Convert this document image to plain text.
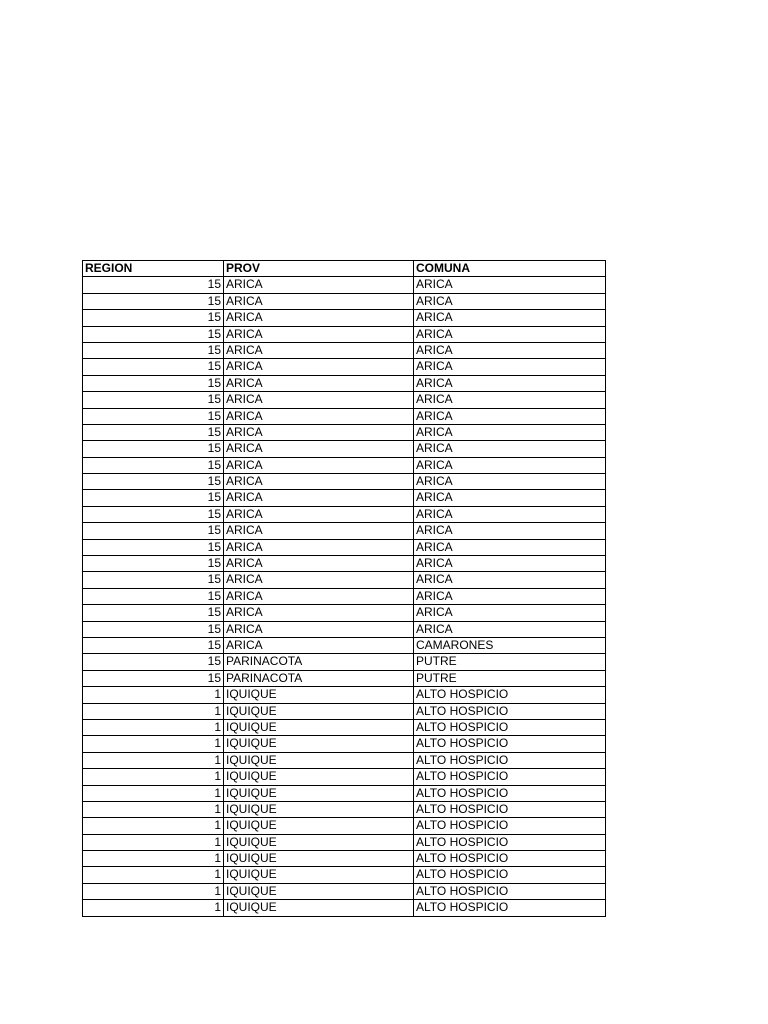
REGION	PROV	COMUNA
15	ARICA	ARICA
15	ARICA	ARICA
15	ARICA	ARICA
15	ARICA	ARICA
15	ARICA	ARICA
15	ARICA	ARICA
15	ARICA	ARICA
15	ARICA	ARICA
15	ARICA	ARICA
15	ARICA	ARICA
15	ARICA	ARICA
15	ARICA	ARICA
15	ARICA	ARICA
15	ARICA	ARICA
15	ARICA	ARICA
15	ARICA	ARICA
15	ARICA	ARICA
15	ARICA	ARICA
15	ARICA	ARICA
15	ARICA	ARICA
15	ARICA	ARICA
15	ARICA	ARICA
15	ARICA	CAMARONES
15	PARINACOTA	PUTRE
15	PARINACOTA	PUTRE
1	IQUIQUE	ALTO HOSPICIO
1	IQUIQUE	ALTO HOSPICIO
1	IQUIQUE	ALTO HOSPICIO
1	IQUIQUE	ALTO HOSPICIO
1	IQUIQUE	ALTO HOSPICIO
1	IQUIQUE	ALTO HOSPICIO
1	IQUIQUE	ALTO HOSPICIO
1	IQUIQUE	ALTO HOSPICIO
1	IQUIQUE	ALTO HOSPICIO
1	IQUIQUE	ALTO HOSPICIO
1	IQUIQUE	ALTO HOSPICIO
1	IQUIQUE	ALTO HOSPICIO
1	IQUIQUE	ALTO HOSPICIO
1	IQUIQUE	ALTO HOSPICIO
